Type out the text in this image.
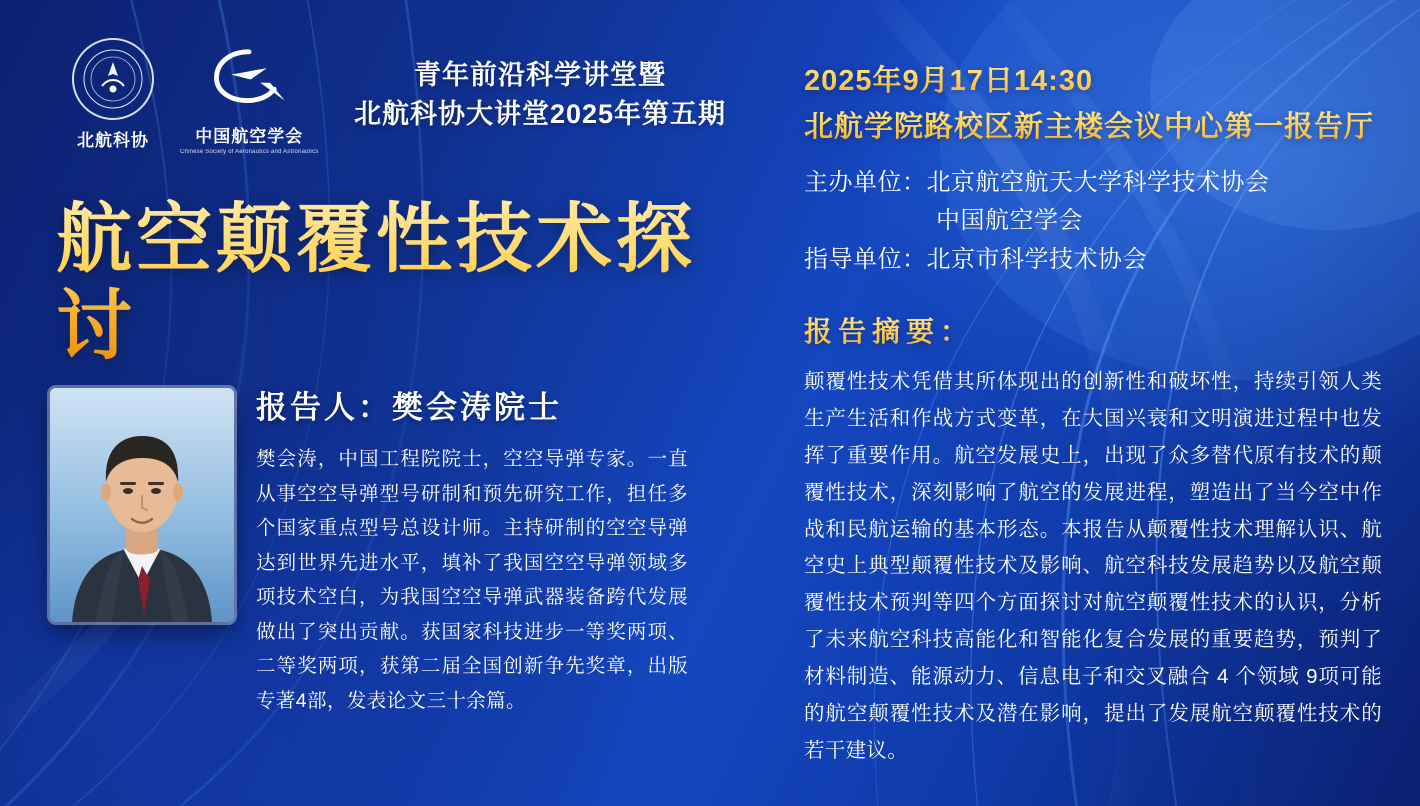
北航科协	中国航空学会
Chinese Society of Aeronautics and Astronautics
青年前沿科学讲堂暨
北航科协大讲堂2025年第五期
航空颠覆性技术探讨
报告人：樊会涛院士
樊会涛，中国工程院院士，空空导弹专家。一直从事空空导弹型号研制和预先研究工作，担任多个国家重点型号总设计师。主持研制的空空导弹达到世界先进水平，填补了我国空空导弹领域多项技术空白，为我国空空导弹武器装备跨代发展做出了突出贡献。获国家科技进步一等奖两项、二等奖两项，获第二届全国创新争先奖章，出版专著4部，发表论文三十余篇。
2025年9月17日14:30
北航学院路校区新主楼会议中心第一报告厅
主办单位：北京航空航天大学科学技术协会
中国航空学会
指导单位：北京市科学技术协会
报告摘要：
颠覆性技术凭借其所体现出的创新性和破坏性，持续引领人类生产生活和作战方式变革，在大国兴衰和文明演进过程中也发挥了重要作用。航空发展史上，出现了众多替代原有技术的颠覆性技术，深刻影响了航空的发展进程，塑造出了当今空中作战和民航运输的基本形态。本报告从颠覆性技术理解认识、航空史上典型颠覆性技术及影响、航空科技发展趋势以及航空颠覆性技术预判等四个方面探讨对航空颠覆性技术的认识，分析了未来航空科技高能化和智能化复合发展的重要趋势，预判了材料制造、能源动力、信息电子和交叉融合 4 个领域 9项可能的航空颠覆性技术及潜在影响，提出了发展航空颠覆性技术的若干建议。
